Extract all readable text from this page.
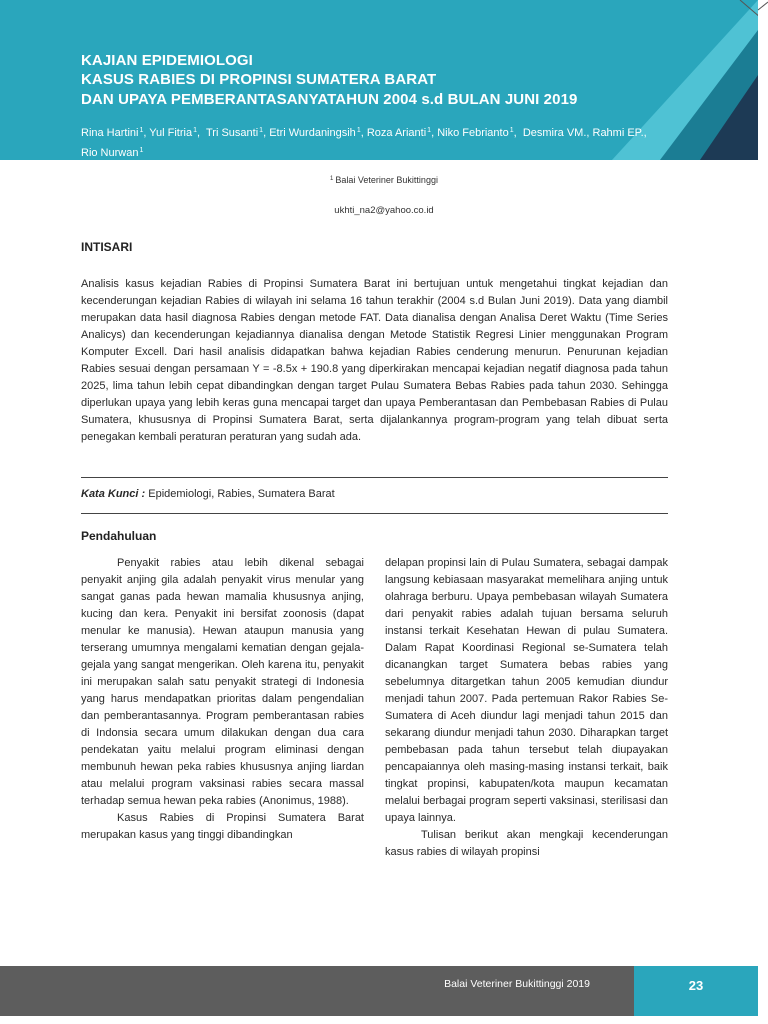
KAJIAN EPIDEMIOLOGI
KASUS RABIES DI PROPINSI SUMATERA BARAT
DAN UPAYA PEMBERANTASANYATAHUN 2004 s.d BULAN JUNI 2019
Rina Hartini$^1$, Yul Fitria$^1$,  Tri Susanti$^1$, Etri Wurdaningsih$^1$, Roza Arianti$^1$, Niko Febrianto$^1$,  Desmira VM., Rahmi EP.,  Rio Nurwan$^1$
$^1$ Balai Veteriner Bukittinggi
ukhti_na2@yahoo.co.id
INTISARI
Analisis kasus kejadian Rabies di Propinsi Sumatera Barat ini bertujuan untuk mengetahui tingkat kejadian dan kecenderungan kejadian Rabies di wilayah ini selama 16 tahun terakhir (2004 s.d Bulan Juni 2019). Data yang diambil merupakan data hasil diagnosa Rabies dengan metode FAT. Data dianalisa dengan Analisa Deret Waktu (Time Series Analicys) dan kecenderungan kejadiannya dianalisa dengan Metode Statistik Regresi Linier menggunakan Program Komputer Excell. Dari hasil analisis didapatkan bahwa kejadian Rabies cenderung menurun. Penurunan kejadian Rabies sesuai dengan persamaan Y = -8.5x + 190.8 yang diperkirakan mencapai kejadian negatif diagnosa pada tahun 2025, lima tahun lebih cepat dibandingkan dengan target Pulau Sumatera Bebas Rabies pada tahun 2030. Sehingga diperlukan upaya yang lebih keras guna mencapai target dan upaya Pemberantasan dan Pembebasan Rabies di Pulau Sumatera, khususnya di Propinsi Sumatera Barat, serta dijalankannya program-program yang telah dibuat serta penegakan kembali peraturan peraturan yang sudah ada.
Kata Kunci : Epidemiologi, Rabies, Sumatera Barat
Pendahuluan

Penyakit rabies atau lebih dikenal sebagai penyakit anjing gila adalah penyakit virus menular yang sangat ganas pada hewan mamalia khususnya anjing, kucing dan kera. Penyakit ini bersifat zoonosis (dapat menular ke manusia). Hewan ataupun manusia yang terserang umumnya mengalami kematian dengan gejala-gejala yang sangat mengerikan. Oleh karena itu, penyakit ini merupakan salah satu penyakit strategi di Indonesia yang harus mendapatkan prioritas dalam pengendalian dan pemberantasannya. Program pemberantasan rabies di Indonsia secara umum dilakukan dengan dua cara pendekatan yaitu melalui program eliminasi dengan membunuh hewan peka rabies khususnya anjing liardan atau melalui program vaksinasi rabies secara massal terhadap semua hewan peka rabies (Anonimus, 1988).

Kasus Rabies di Propinsi Sumatera Barat merupakan kasus yang tinggi dibandingkan

delapan propinsi lain di Pulau Sumatera, sebagai dampak langsung kebiasaan masyarakat memelihara anjing untuk olahraga berburu. Upaya pembebasan wilayah Sumatera dari penyakit rabies adalah tujuan bersama seluruh instansi terkait Kesehatan Hewan di pulau Sumatera. Dalam Rapat Koordinasi Regional se-Sumatera telah dicanangkan target Sumatera bebas rabies yang sebelumnya ditargetkan tahun 2005 kemudian diundur menjadi tahun 2007. Pada pertemuan Rakor Rabies Se-Sumatera di Aceh diundur lagi menjadi tahun 2015 dan sekarang diundur menjadi tahun 2030. Diharapkan target pembebasan pada tahun tersebut telah diupayakan pencapaiannya oleh masing-masing instansi terkait, baik tingkat propinsi, kabupaten/kota maupun kecamatan melalui berbagai program seperti vaksinasi, sterilisasi dan upaya lainnya.

Tulisan berikut akan mengkaji kecenderungan kasus rabies di wilayah propinsi

Balai Veteriner Bukittinggi 2019	23
